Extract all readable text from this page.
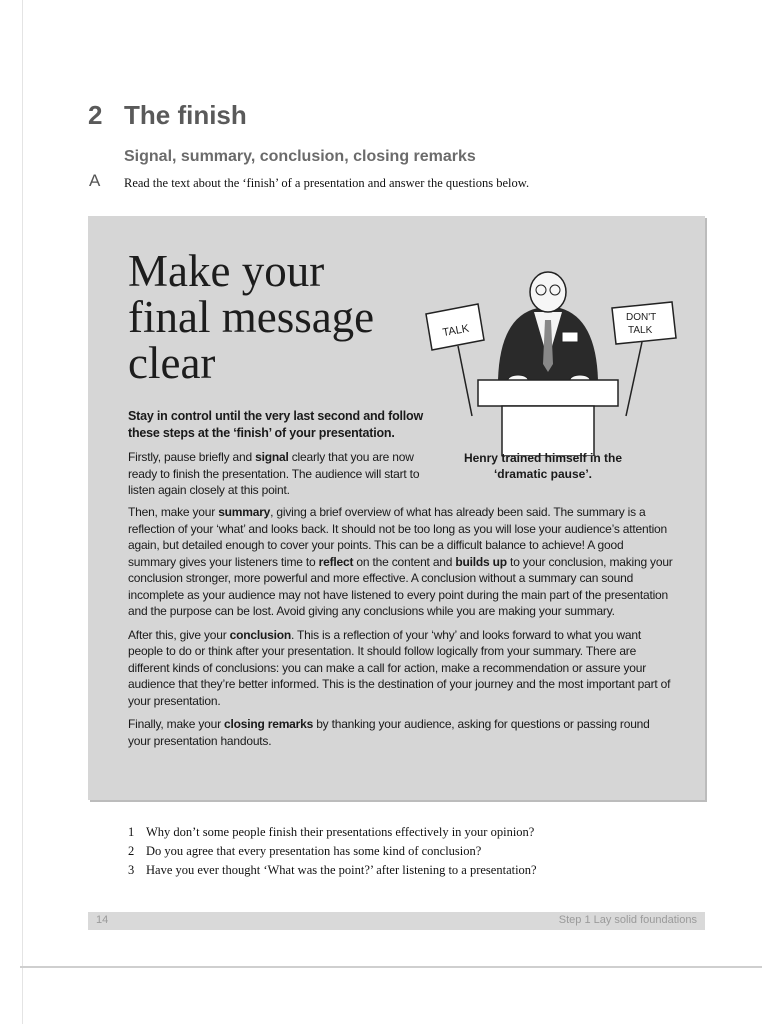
2 The finish
Signal, summary, conclusion, closing remarks
A Read the text about the ‘finish’ of a presentation and answer the questions below.
Make your
final message
clear
TALK
DON'T
TALK
Henry trained himself in the
‘dramatic pause’.
Stay in control until the very last second and follow these steps at the ‘finish’ of your presentation.
Firstly, pause briefly and signal clearly that you are now ready to finish the presentation. The audience will start to listen again closely at this point.

Then, make your summary, giving a brief overview of what has already been said. The summary is a reflection of your ‘what’ and looks back. It should not be too long as you will lose your audience’s attention again, but detailed enough to cover your points. This can be a difficult balance to achieve! A good summary gives your listeners time to reflect on the content and builds up to your conclusion, making your conclusion stronger, more powerful and more effective. A conclusion without a summary can sound incomplete as your audience may not have listened to every point during the main part of the presentation and the purpose can be lost. Avoid giving any conclusions while you are making your summary.

After this, give your conclusion. This is a reflection of your ‘why’ and looks forward to what you want people to do or think after your presentation. It should follow logically from your summary. There are different kinds of conclusions: you can make a call for action, make a recommendation or assure your audience that they’re better informed. This is the destination of your journey and the most important part of your presentation.

Finally, make your closing remarks by thanking your audience, asking for questions or passing round your presentation handouts.

1 Why don’t some people finish their presentations effectively in your opinion?
2 Do you agree that every presentation has some kind of conclusion?
3 Have you ever thought ‘What was the point?’ after listening to a presentation?
14	Step 1 Lay solid foundations
